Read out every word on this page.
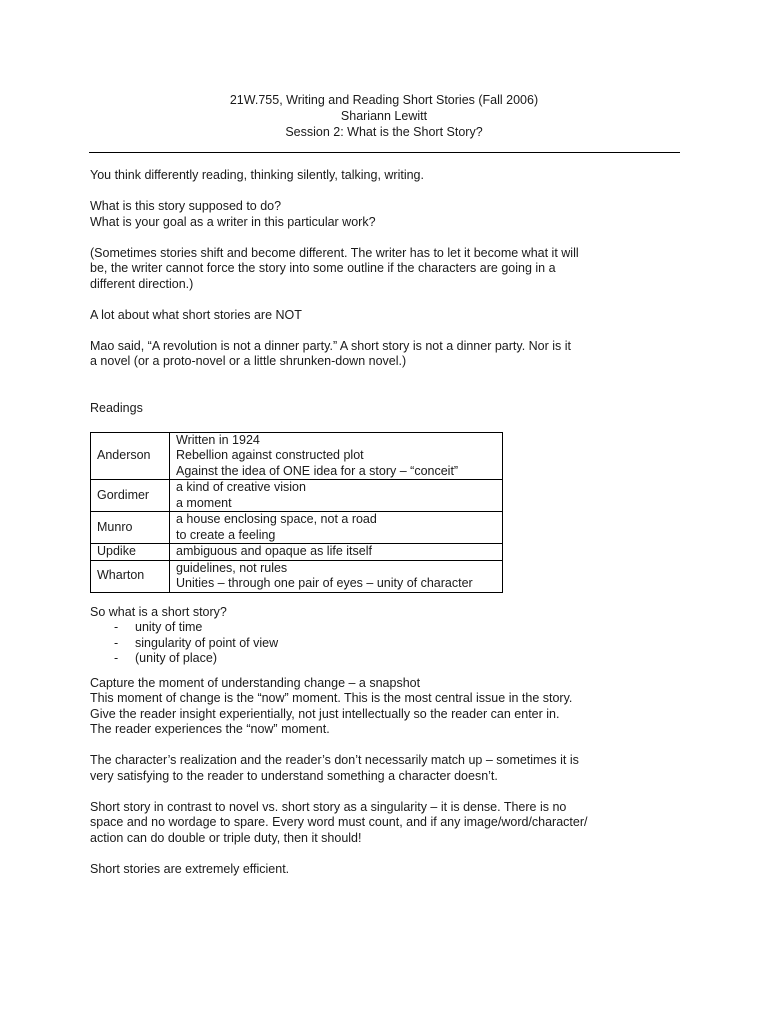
21W.755, Writing and Reading Short Stories (Fall 2006)
Shariann Lewitt
Session 2: What is the Short Story?

You think differently reading, thinking silently, talking, writing.

What is this story supposed to do?
What is your goal as a writer in this particular work?

(Sometimes stories shift and become different. The writer has to let it become what it will
be, the writer cannot force the story into some outline if the characters are going in a
different direction.)

A lot about what short stories are NOT

Mao said, “A revolution is not a dinner party.” A short story is not a dinner party. Nor is it
a novel (or a proto-novel or a little shrunken-down novel.)

Readings

Anderson	Written in 1924
Rebellion against constructed plot
Against the idea of ONE idea for a story – “conceit”
Gordimer	a kind of creative vision
a moment
Munro	a house enclosing space, not a road
to create a feeling
Updike	ambiguous and opaque as life itself
Wharton	guidelines, not rules
Unities – through one pair of eyes – unity of character
So what is a short story?
- unity of time
- singularity of point of view
- (unity of place)

Capture the moment of understanding change – a snapshot
This moment of change is the “now” moment. This is the most central issue in the story.
Give the reader insight experientially, not just intellectually so the reader can enter in.
The reader experiences the “now” moment.

The character’s realization and the reader’s don’t necessarily match up – sometimes it is
very satisfying to the reader to understand something a character doesn’t.

Short story in contrast to novel vs. short story as a singularity – it is dense. There is no
space and no wordage to spare. Every word must count, and if any image/word/character/
action can do double or triple duty, then it should!

Short stories are extremely efficient.
